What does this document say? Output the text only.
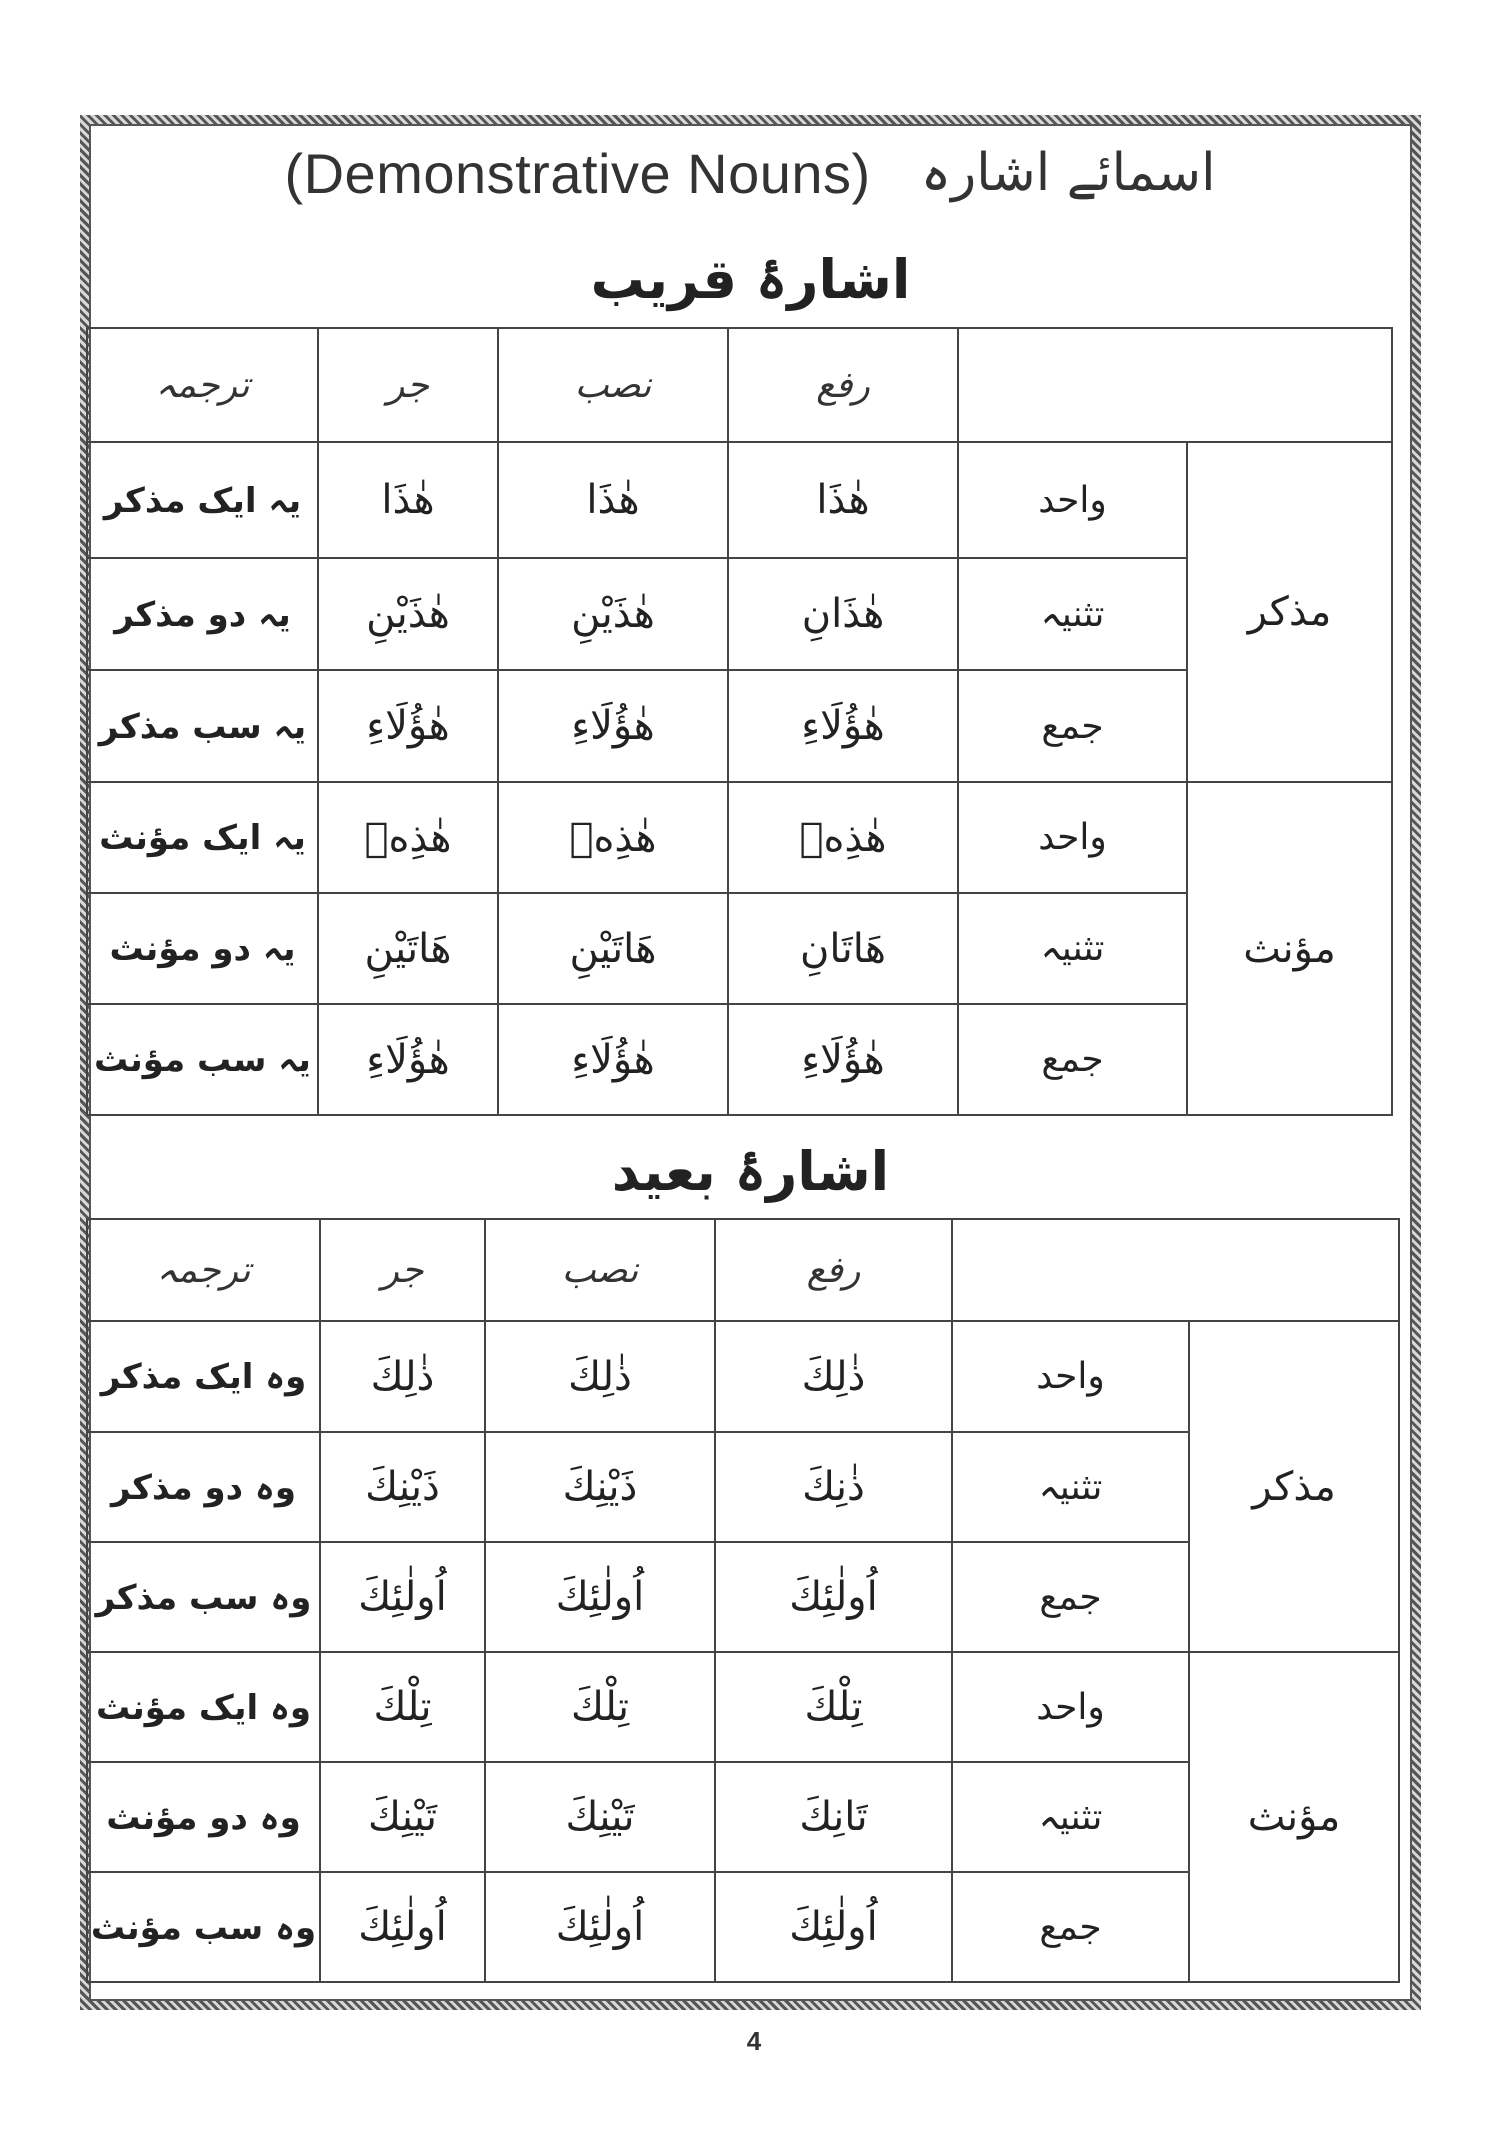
(Demonstrative Nouns) اسمائے اشارہ
اشارۂ قریب
ترجمہ	جر	نصب	رفع		
یہ ایک مذکر	هٰذَا	هٰذَا	هٰذَا	واحد	مذکر
یہ دو مذکر	هٰذَيْنِ	هٰذَيْنِ	هٰذَانِ	تثنیہ	
یہ سب مذکر	هٰؤُلَاءِ	هٰؤُلَاءِ	هٰؤُلَاءِ	جمع	
یہ ایک مؤنث	هٰذِهٖ	هٰذِهٖ	هٰذِهٖ	واحد	مؤنث
یہ دو مؤنث	هَاتَيْنِ	هَاتَيْنِ	هَاتَانِ	تثنیہ	
یہ سب مؤنث	هٰؤُلَاءِ	هٰؤُلَاءِ	هٰؤُلَاءِ	جمع	
اشارۂ بعید
ترجمہ	جر	نصب	رفع		
وہ ایک مذکر	ذٰلِكَ	ذٰلِكَ	ذٰلِكَ	واحد	مذکر
وہ دو مذکر	ذَيْنِكَ	ذَيْنِكَ	ذٰنِكَ	تثنیہ	
وہ سب مذکر	اُولٰئِكَ	اُولٰئِكَ	اُولٰئِكَ	جمع	
وہ ایک مؤنث	تِلْكَ	تِلْكَ	تِلْكَ	واحد	مؤنث
وہ دو مؤنث	تَيْنِكَ	تَيْنِكَ	تَانِكَ	تثنیہ	
وہ سب مؤنث	اُولٰئِكَ	اُولٰئِكَ	اُولٰئِكَ	جمع	
4
